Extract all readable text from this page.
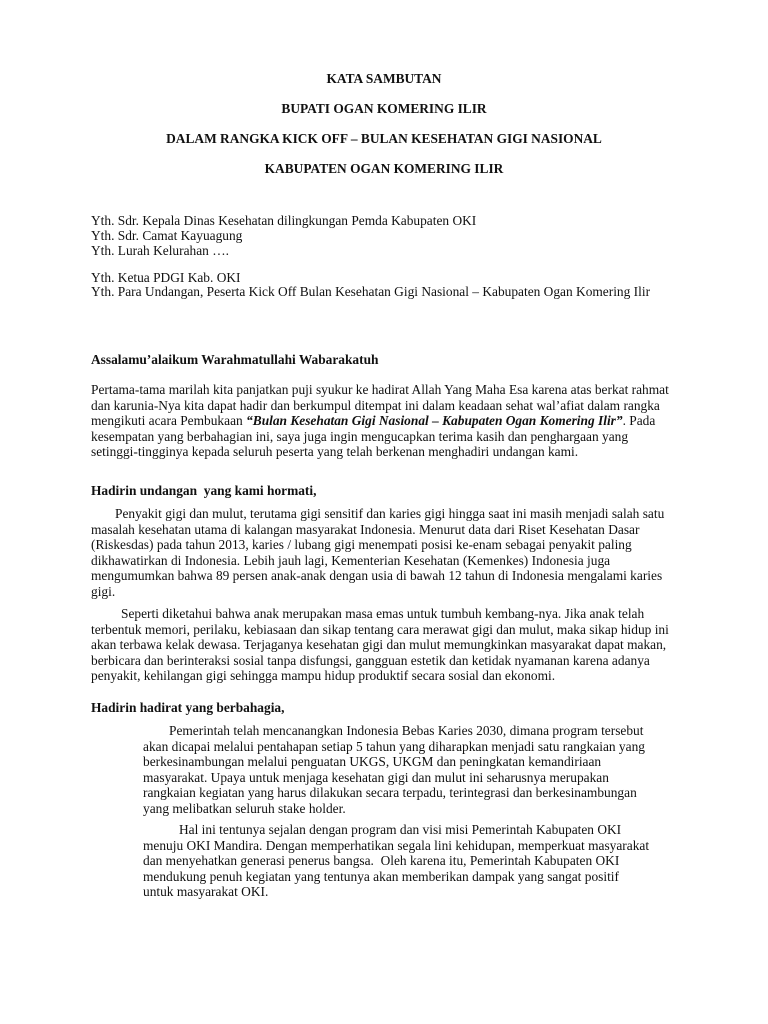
KATA SAMBUTAN

BUPATI OGAN KOMERING ILIR

DALAM RANGKA KICK OFF – BULAN KESEHATAN GIGI NASIONAL

KABUPATEN OGAN KOMERING ILIR

Yth. Sdr. Kepala Dinas Kesehatan dilingkungan Pemda Kabupaten OKI

Yth. Sdr. Camat Kayuagung

Yth. Lurah Kelurahan ….

Yth. Ketua PDGI Kab. OKI

Yth. Para Undangan, Peserta Kick Off Bulan Kesehatan Gigi Nasional – Kabupaten Ogan Komering Ilir

Assalamu’alaikum Warahmatullahi Wabarakatuh

Pertama-tama marilah kita panjatkan puji syukur ke hadirat Allah Yang Maha Esa karena atas berkat rahmat dan karunia-Nya kita dapat hadir dan berkumpul ditempat ini dalam keadaan sehat wal’afiat dalam rangka mengikuti acara Pembukaan “Bulan Kesehatan Gigi Nasional – Kabupaten Ogan Komering Ilir”. Pada kesempatan yang berbahagian ini, saya juga ingin mengucapkan terima kasih dan penghargaan yang setinggi-tingginya kepada seluruh peserta yang telah berkenan menghadiri undangan kami.

Hadirin undangan  yang kami hormati,

Penyakit gigi dan mulut, terutama gigi sensitif dan karies gigi hingga saat ini masih menjadi salah satu masalah kesehatan utama di kalangan masyarakat Indonesia. Menurut data dari Riset Kesehatan Dasar (Riskesdas) pada tahun 2013, karies / lubang gigi menempati posisi ke-enam sebagai penyakit paling dikhawatirkan di Indonesia. Lebih jauh lagi, Kementerian Kesehatan (Kemenkes) Indonesia juga mengumumkan bahwa 89 persen anak-anak dengan usia di bawah 12 tahun di Indonesia mengalami karies gigi.

Seperti diketahui bahwa anak merupakan masa emas untuk tumbuh kembang-nya. Jika anak telah terbentuk memori, perilaku, kebiasaan dan sikap tentang cara merawat gigi dan mulut, maka sikap hidup ini akan terbawa kelak dewasa. Terjaganya kesehatan gigi dan mulut memungkinkan masyarakat dapat makan, berbicara dan berinteraksi sosial tanpa disfungsi, gangguan estetik dan ketidak nyamanan karena adanya penyakit, kehilangan gigi sehingga mampu hidup produktif secara sosial dan ekonomi.

Hadirin hadirat yang berbahagia,

Pemerintah telah mencanangkan Indonesia Bebas Karies 2030, dimana program tersebut akan dicapai melalui pentahapan setiap 5 tahun yang diharapkan menjadi satu rangkaian yang berkesinambungan melalui penguatan UKGS, UKGM dan peningkatan kemandiriaan masyarakat. Upaya untuk menjaga kesehatan gigi dan mulut ini seharusnya merupakan rangkaian kegiatan yang harus dilakukan secara terpadu, terintegrasi dan berkesinambungan yang melibatkan seluruh stake holder.

Hal ini tentunya sejalan dengan program dan visi misi Pemerintah Kabupaten OKI menuju OKI Mandira. Dengan memperhatikan segala lini kehidupan, memperkuat masyarakat dan menyehatkan generasi penerus bangsa.  Oleh karena itu, Pemerintah Kabupaten OKI mendukung penuh kegiatan yang tentunya akan memberikan dampak yang sangat positif untuk masyarakat OKI.
